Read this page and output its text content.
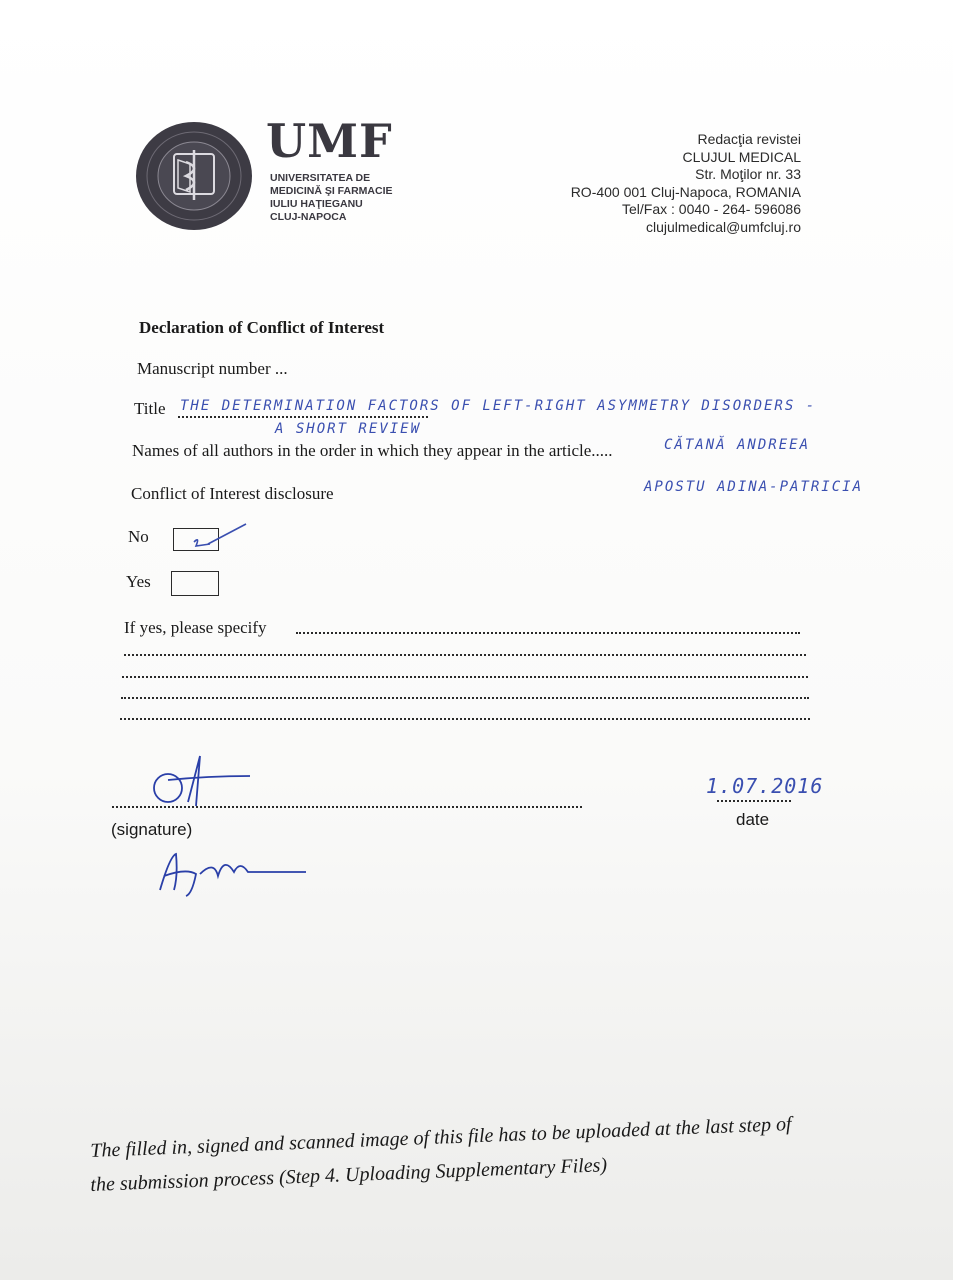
UMF
UNIVERSITATEA DE
MEDICINĂ ŞI FARMACIE
IULIU HAŢIEGANU
CLUJ-NAPOCA
Redacţia revistei
CLUJUL MEDICAL
Str. Moţilor nr. 33
RO-400 001 Cluj-Napoca, ROMANIA
Tel/Fax : 0040 - 264- 596086
clujulmedical@umfcluj.ro
Declaration of Conflict of Interest
Manuscript number ...
Title THE DETERMINATION FACTORS OF LEFT-RIGHT ASYMMETRY DISORDERS -
A SHORT REVIEW
Names of all authors in the order in which they appear in the article.....	CĂTANĂ ANDREEA
APOSTU ADINA-PATRICIA
Conflict of Interest disclosure
No
Yes
If yes, please specify
(signature)
1.07.2016
date
The filled in, signed and scanned image of this file has to be uploaded at the last step of
the submission process (Step 4. Uploading Supplementary Files)
